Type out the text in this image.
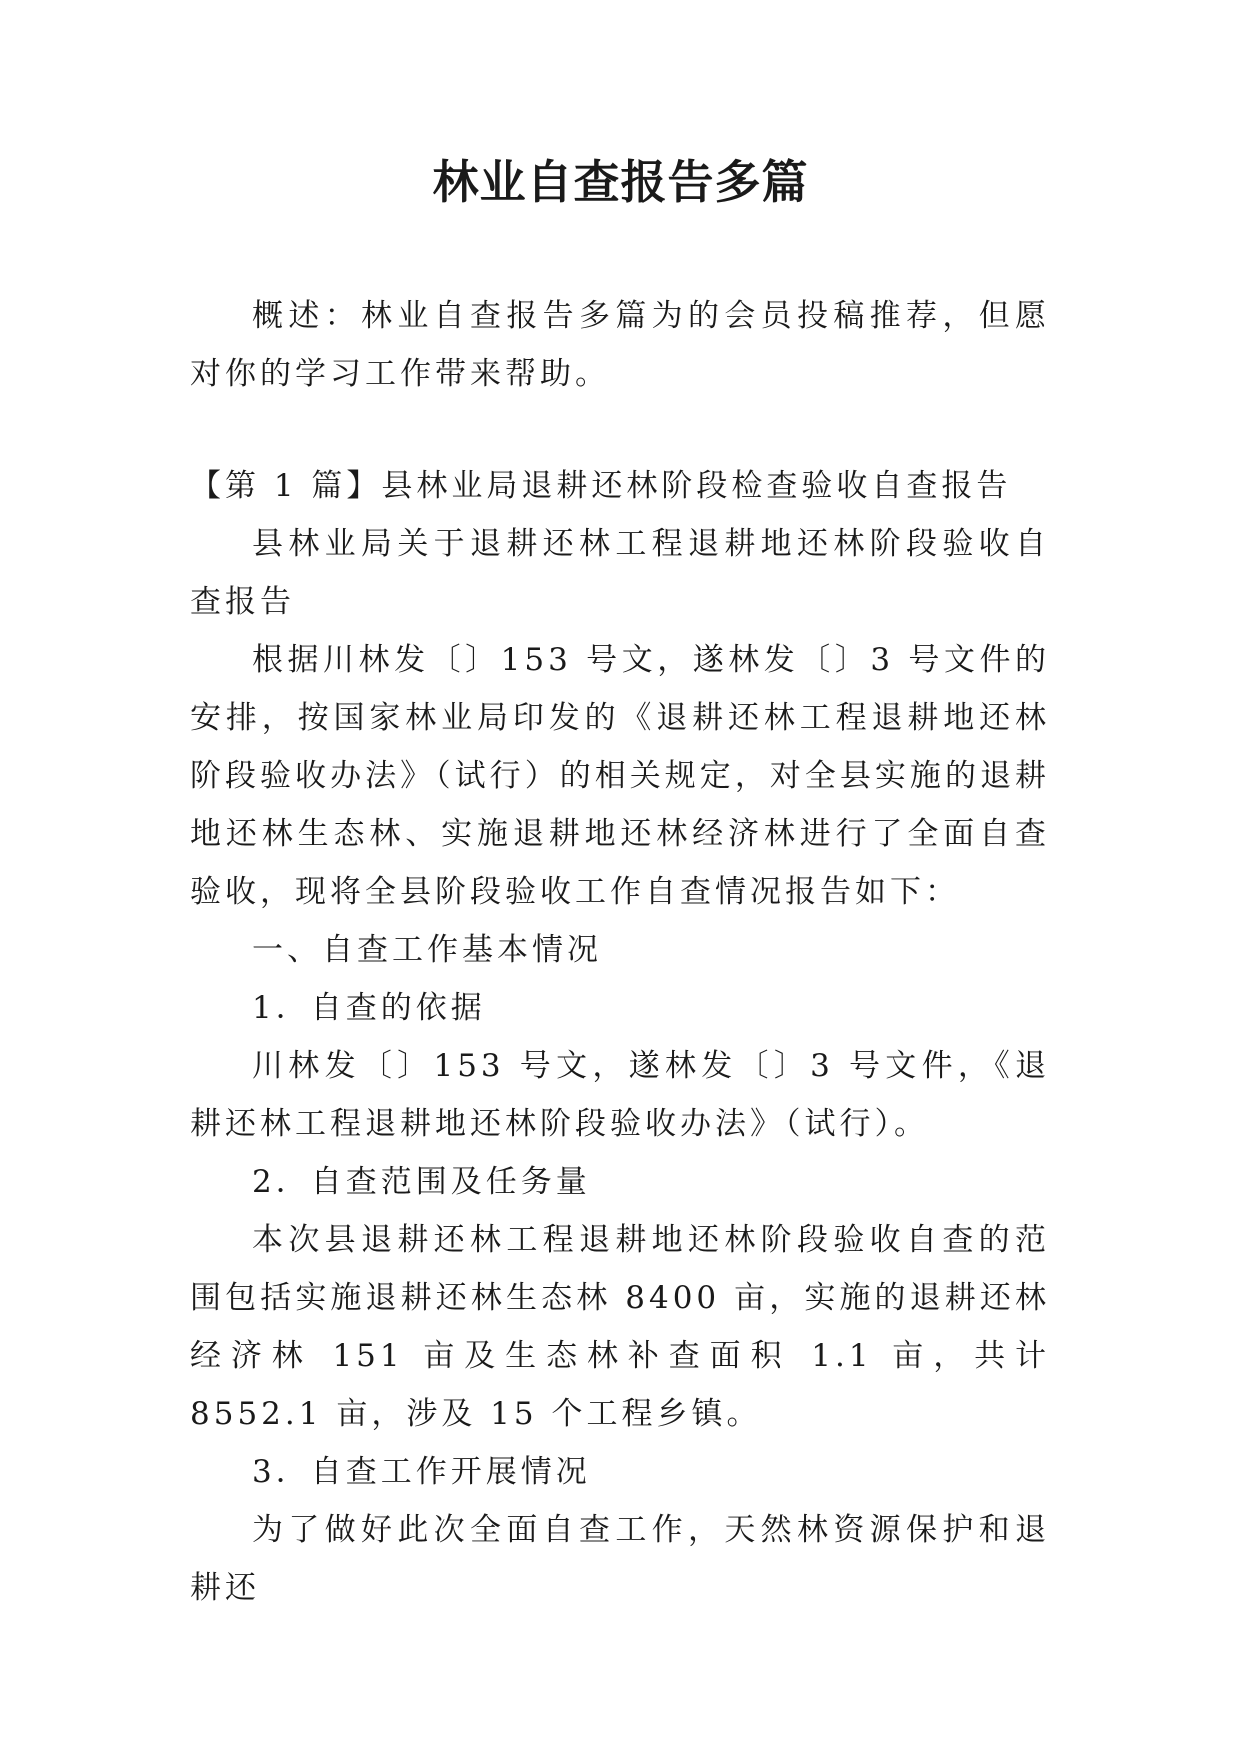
林业自查报告多篇

概述：林业自查报告多篇为的会员投稿推荐，但愿对你的学习工作带来帮助。

【第 1 篇】县林业局退耕还林阶段检查验收自查报告

县林业局关于退耕还林工程退耕地还林阶段验收自查报告

根据川林发〔〕153 号文，遂林发〔〕3 号文件的安排，按国家林业局印发的《退耕还林工程退耕地还林阶段验收办法》（试行）的相关规定，对全县实施的退耕地还林生态林、实施退耕地还林经济林进行了全面自查验收，现将全县阶段验收工作自查情况报告如下：

一、自查工作基本情况

1．自查的依据

川林发〔〕153 号文，遂林发〔〕3 号文件，《退耕还林工程退耕地还林阶段验收办法》（试行）。

2．自查范围及任务量

本次县退耕还林工程退耕地还林阶段验收自查的范围包括实施退耕还林生态林 8400 亩，实施的退耕还林经济林 151 亩及生态林补查面积 1.1 亩，共计 8552.1 亩，涉及 15 个工程乡镇。

3．自查工作开展情况

为了做好此次全面自查工作，天然林资源保护和退耕还
